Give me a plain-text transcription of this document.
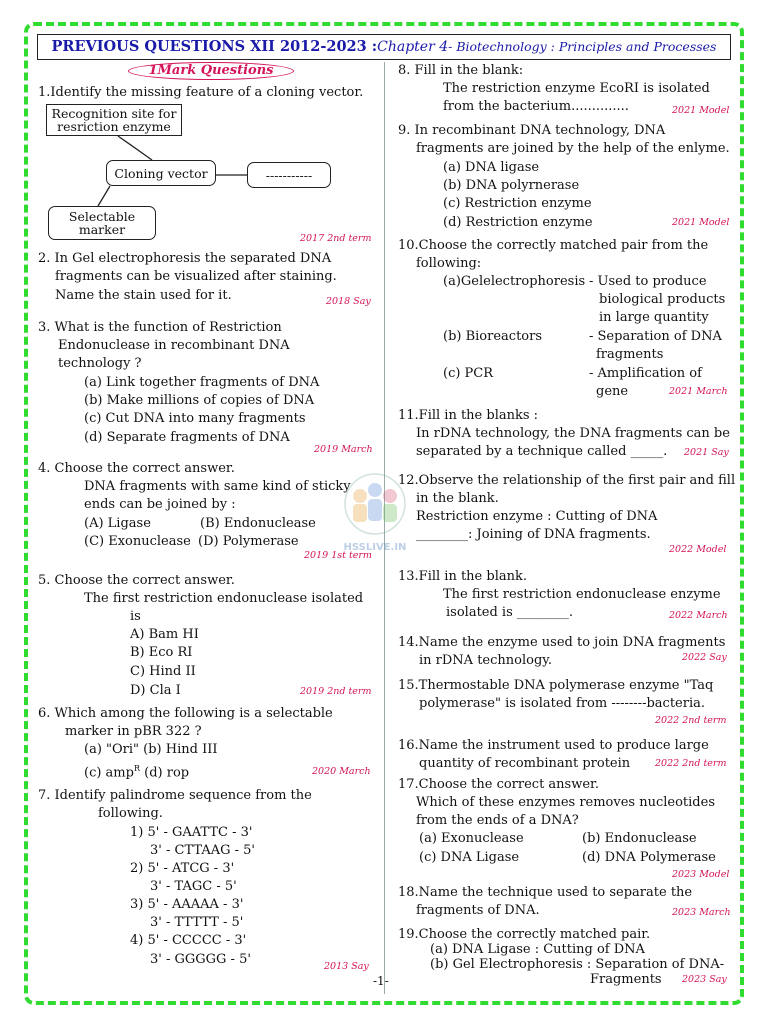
PREVIOUS QUESTIONS XII 2012-2023 :Chapter 4- Biotechnology : Principles and Processes
1Mark Questions
1.Identify the missing feature of a cloning vector.
Recognition site for
resriction enzyme
Cloning vector	-----------
Selectable
marker
2017 2nd term
2. In Gel electrophoresis the separated DNA
fragments can be visualized after staining.
Name the stain used for it.	2018 Say
3. What is the function of Restriction
Endonuclease in recombinant DNA
technology ?
(a) Link together fragments of DNA
(b) Make millions of copies of DNA
(c) Cut DNA into many fragments
(d) Separate fragments of DNA
2019 March
4. Choose the correct answer.
DNA fragments with same kind of sticky
ends can be joined by :
(A) Ligase	(B) Endonuclease
(C) Exonuclease (D) Polymerase
2019 1st term
5. Choose the correct answer.
The first restriction endonuclease isolated
is
A) Bam HI
B) Eco RI
C) Hind II
D) Cla I	2019 2nd term
6. Which among the following is a selectable
marker in pBR 322 ?
(a) "Ori" (b) Hind III
(c) amp$^R$ (d) rop	2020 March
7. Identify palindrome sequence from the
following.
1) 5' - GAATTC - 3'
3' - CTTAAG - 5'
2) 5' - ATCG - 3'
3' - TAGC - 5'
3) 5' - AAAAA - 3'
3' - TTTTT - 5'
4) 5' - CCCCC - 3'
3' - GGGGG - 5'	2013 Say
8. Fill in the blank:
The restriction enzyme EcoRI is isolated
from the bacterium..............	2021 Model
9. In recombinant DNA technology, DNA
fragments are joined by the help of the enlyme.
(a) DNA ligase
(b) DNA polyrnerase
(c) Restriction enzyme
(d) Restriction enzyme	2021 Model
10.Choose the correctly matched pair from the
following:
(a)Gelelectrophoresis - Used to produce
biological products
in large quantity
(b) Bioreactors	- Separation of DNA
fragments
(c) PCR	- Amplification of
gene	2021 March
11.Fill in the blanks :
In rDNA technology, the DNA fragments can be
separated by a technique called _____. 2021 Say
12.Observe the relationship of the first pair and fill
in the blank.
Restriction enzyme : Cutting of DNA
________: Joining of DNA fragments.
2022 Model
13.Fill in the blank.
The first restriction endonuclease enzyme
isolated is ________.	2022 March
14.Name the enzyme used to join DNA fragments
in rDNA technology.	2022 Say
15.Thermostable DNA polymerase enzyme "Taq
polymerase" is isolated from --------bacteria.
2022 2nd term
16.Name the instrument used to produce large
quantity of recombinant protein	2022 2nd term
17.Choose the correct answer.
Which of these enzymes removes nucleotides
from the ends of a DNA?
(a) Exonuclease	(b) Endonuclease
(c) DNA Ligase	(d) DNA Polymerase
2023 Model
18.Name the technique used to separate the
fragments of DNA.	2023 March
19.Choose the correctly matched pair.
(a) DNA Ligase : Cutting of DNA
(b) Gel Electrophoresis : Separation of DNA-
Fragments 2023 Say
HSSLIVE.IN
-1-
